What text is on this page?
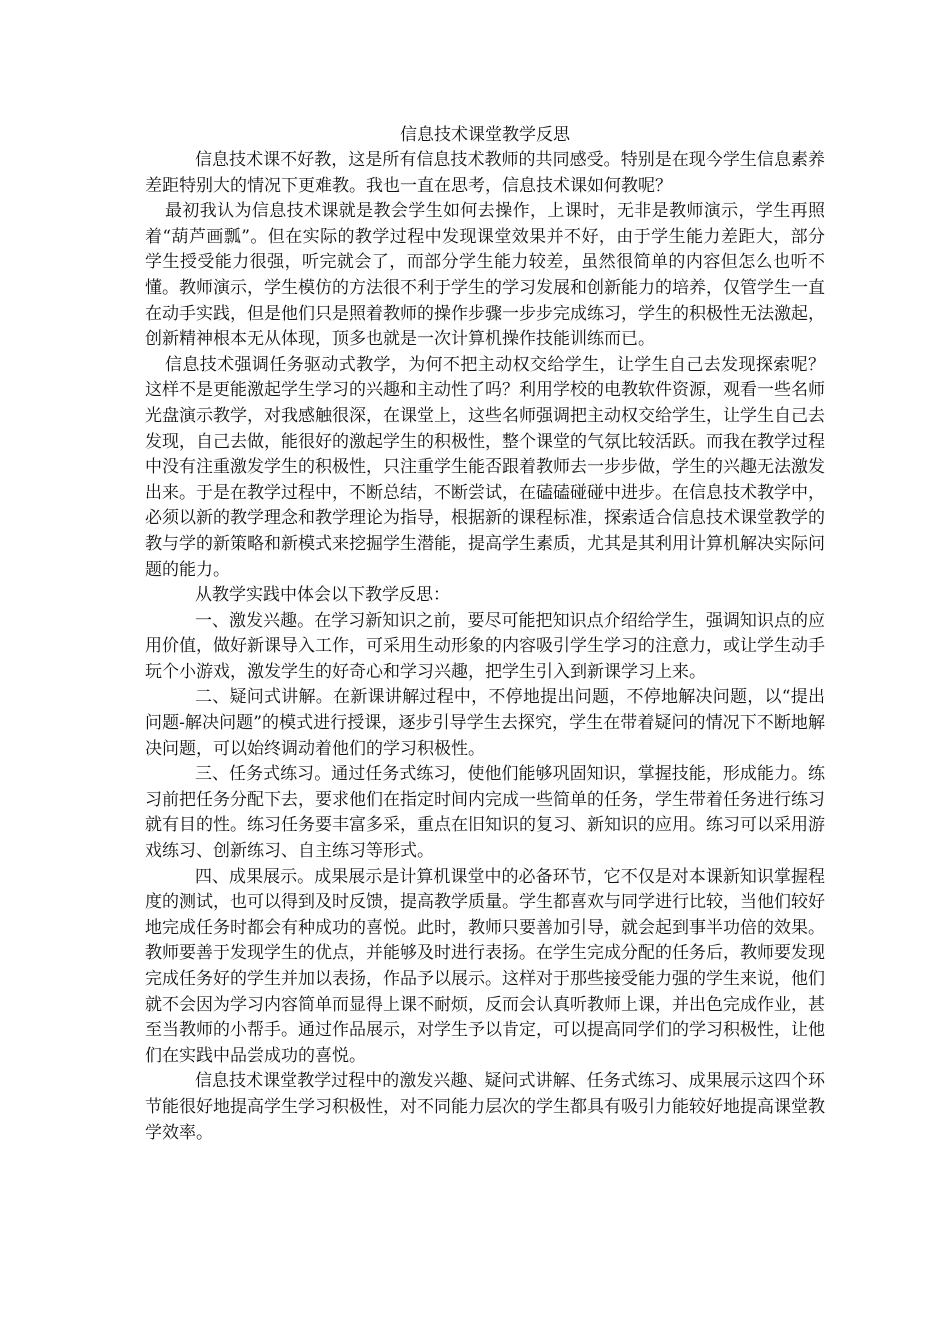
信息技术课堂教学反思

信息技术课不好教，这是所有信息技术教师的共同感受。特别是在现今学生信息素养差距特别大的情况下更难教。我也一直在思考，信息技术课如何教呢？

最初我认为信息技术课就是教会学生如何去操作，上课时，无非是教师演示，学生再照着“葫芦画瓢”。但在实际的教学过程中发现课堂效果并不好，由于学生能力差距大，部分学生授受能力很强，听完就会了，而部分学生能力较差，虽然很简单的内容但怎么也听不懂。教师演示，学生模仿的方法很不利于学生的学习发展和创新能力的培养，仅管学生一直在动手实践，但是他们只是照着教师的操作步骤一步步完成练习，学生的积极性无法激起，创新精神根本无从体现，顶多也就是一次计算机操作技能训练而已。

信息技术强调任务驱动式教学，为何不把主动权交给学生，让学生自己去发现探索呢？这样不是更能激起学生学习的兴趣和主动性了吗？利用学校的电教软件资源，观看一些名师光盘演示教学，对我感触很深，在课堂上，这些名师强调把主动权交给学生，让学生自己去发现，自己去做，能很好的激起学生的积极性，整个课堂的气氛比较活跃。而我在教学过程中没有注重激发学生的积极性，只注重学生能否跟着教师去一步步做，学生的兴趣无法激发出来。于是在教学过程中，不断总结，不断尝试，在磕磕碰碰中进步。在信息技术教学中，必须以新的教学理念和教学理论为指导，根据新的课程标准，探索适合信息技术课堂教学的教与学的新策略和新模式来挖掘学生潜能，提高学生素质，尤其是其利用计算机解决实际问题的能力。

从教学实践中体会以下教学反思：

一、激发兴趣。在学习新知识之前，要尽可能把知识点介绍给学生，强调知识点的应用价值，做好新课导入工作，可采用生动形象的内容吸引学生学习的注意力，或让学生动手玩个小游戏，激发学生的好奇心和学习兴趣，把学生引入到新课学习上来。

二、疑问式讲解。在新课讲解过程中，不停地提出问题，不停地解决问题，以“提出问题-解决问题”的模式进行授课，逐步引导学生去探究，学生在带着疑问的情况下不断地解决问题，可以始终调动着他们的学习积极性。

三、任务式练习。通过任务式练习，使他们能够巩固知识，掌握技能，形成能力。练习前把任务分配下去，要求他们在指定时间内完成一些简单的任务，学生带着任务进行练习就有目的性。练习任务要丰富多采，重点在旧知识的复习、新知识的应用。练习可以采用游戏练习、创新练习、自主练习等形式。

四、成果展示。成果展示是计算机课堂中的必备环节，它不仅是对本课新知识掌握程度的测试，也可以得到及时反馈，提高教学质量。学生都喜欢与同学进行比较，当他们较好地完成任务时都会有种成功的喜悦。此时，教师只要善加引导，就会起到事半功倍的效果。教师要善于发现学生的优点，并能够及时进行表扬。在学生完成分配的任务后，教师要发现完成任务好的学生并加以表扬，作品予以展示。这样对于那些接受能力强的学生来说，他们就不会因为学习内容简单而显得上课不耐烦，反而会认真听教师上课，并出色完成作业，甚至当教师的小帮手。通过作品展示，对学生予以肯定，可以提高同学们的学习积极性，让他们在实践中品尝成功的喜悦。

信息技术课堂教学过程中的激发兴趣、疑问式讲解、任务式练习、成果展示这四个环节能很好地提高学生学习积极性，对不同能力层次的学生都具有吸引力能较好地提高课堂教学效率。
